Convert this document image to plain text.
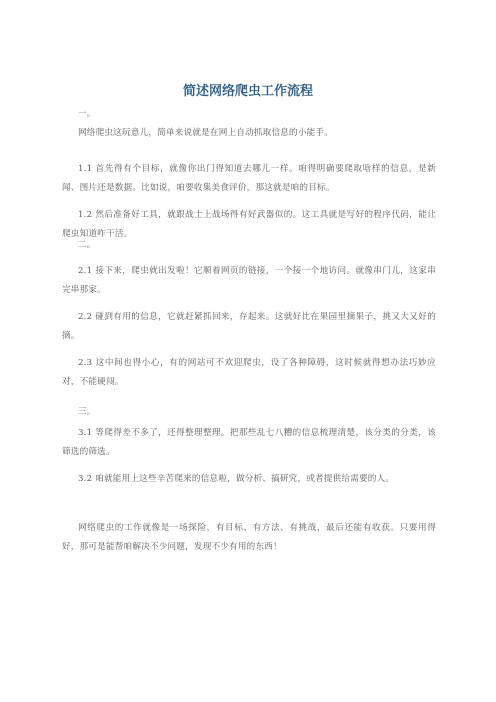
简述网络爬虫工作流程
一。
网络爬虫这玩意儿，简单来说就是在网上自动抓取信息的小能手。
1.1 首先得有个目标，就像你出门得知道去哪儿一样。咱得明确要爬取啥样的信息，是新闻、图片还是数据。比如说，咱要收集美食评价，那这就是咱的目标。
1.2 然后准备好工具，就跟战士上战场得有好武器似的。这工具就是写好的程序代码，能让爬虫知道咋干活。
二。
2.1 接下来，爬虫就出发啦！它顺着网页的链接，一个接一个地访问。就像串门儿，这家串完串那家。
2.2 碰到有用的信息，它就赶紧抓回来，存起来。这就好比在果园里摘果子，挑又大又好的摘。
2.3 这中间也得小心，有的网站可不欢迎爬虫，设了各种障碍，这时候就得想办法巧妙应对，不能硬闯。
三。
3.1 等爬得差不多了，还得整理整理。把那些乱七八糟的信息梳理清楚，该分类的分类，该筛选的筛选。
3.2 咱就能用上这些辛苦爬来的信息啦，做分析、搞研究，或者提供给需要的人。
网络爬虫的工作就像是一场探险，有目标、有方法、有挑战，最后还能有收获。只要用得好，那可是能帮咱解决不少问题，发现不少有用的东西！
